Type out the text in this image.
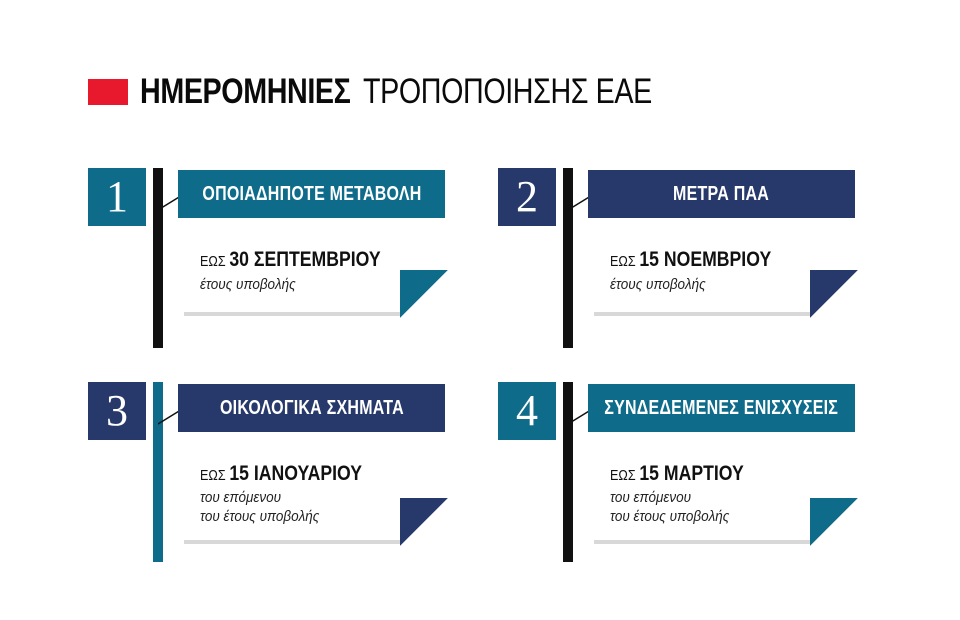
ΗΜΕΡΟΜΗΝΙΕΣ ΤΡΟΠΟΠΟΙΗΣΗΣ ΕΑΕ
1	ΟΠΟΙΑΔΗΠΟΤΕ ΜΕΤΑΒΟΛΗ
ΕΩΣ 30 ΣΕΠΤΕΜΒΡΙΟΥ
έτους υποβολής
2	ΜΕΤΡΑ ΠΑΑ
ΕΩΣ 15 ΝΟΕΜΒΡΙΟΥ
έτους υποβολής
3	ΟΙΚΟΛΟΓΙΚΑ ΣΧΗΜΑΤΑ
ΕΩΣ 15 ΙΑΝΟΥΑΡΙΟΥ
του επόμενου
του έτους υποβολής
4	ΣΥΝΔΕΔΕΜΕΝΕΣ ΕΝΙΣΧΥΣΕΙΣ
ΕΩΣ 15 ΜΑΡΤΙΟΥ
του επόμενου
του έτους υποβολής
